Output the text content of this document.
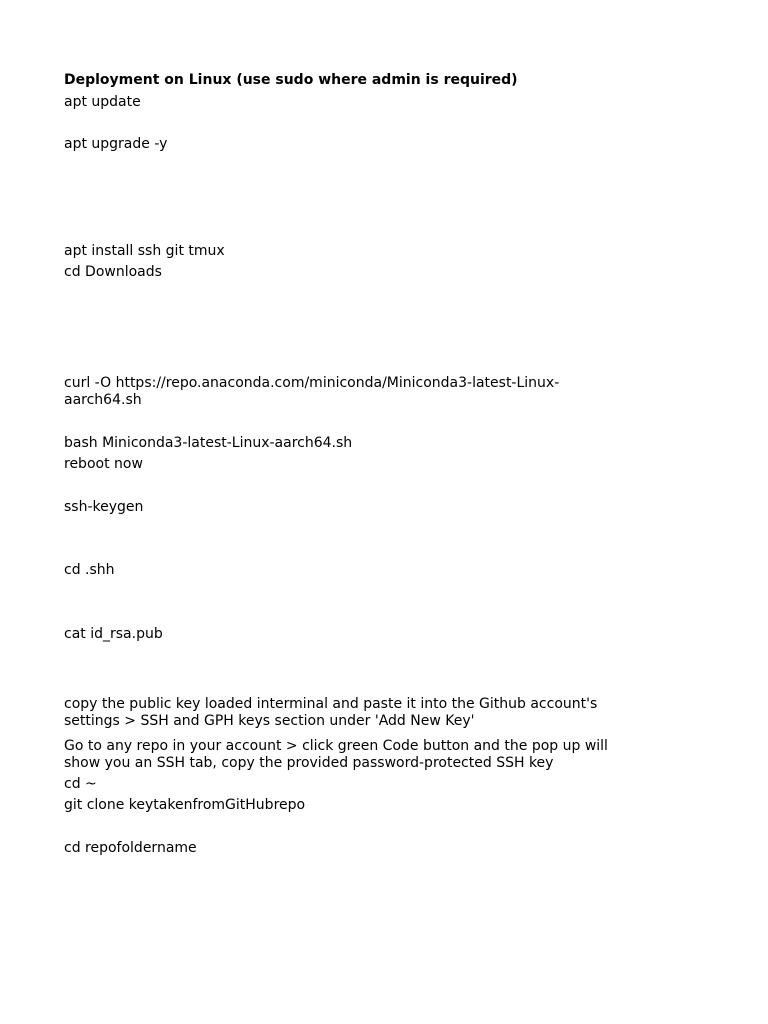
Deployment on Linux (use sudo where admin is required)
apt update
apt upgrade -y
apt install ssh git tmux
cd Downloads
curl -O https://repo.anaconda.com/miniconda/Miniconda3-latest-Linux-aarch64.sh
bash Miniconda3-latest-Linux-aarch64.sh
reboot now
ssh-keygen
cd .shh
cat id_rsa.pub
copy the public key loaded interminal and paste it into the Github account's settings > SSH and GPH keys section under 'Add New Key'
Go to any repo in your account > click green Code button and the pop up will show you an SSH tab, copy the provided password-protected SSH key
cd ~
git clone keytakenfromGitHubrepo
cd repofoldername
